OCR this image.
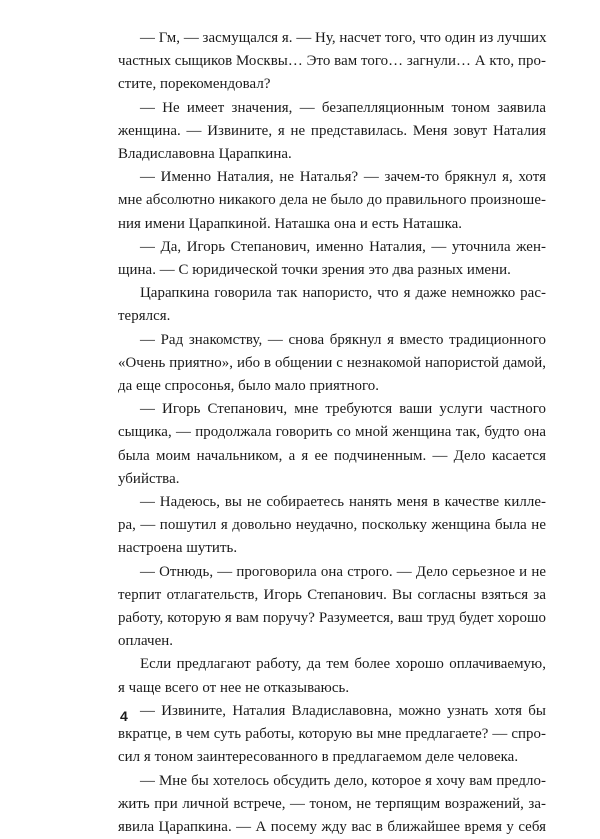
— Гм, — засмущался я. — Ну, насчет того, что один из лучших
частных сыщиков Москвы… Это вам того… загнули… А кто, про-
стите, порекомендовал?
— Не имеет значения, — безапелляционным тоном заявила
женщина. — Извините, я не представилась. Меня зовут Наталия
Владиславовна Царапкина.
— Именно Наталия, не Наталья? — зачем-то брякнул я, хотя
мне абсолютно никакого дела не было до правильного произноше-
ния имени Царапкиной. Наташка она и есть Наташка.
— Да, Игорь Степанович, именно Наталия, — уточнила жен-
щина. — С юридической точки зрения это два разных имени.
Царапкина говорила так напористо, что я даже немножко рас-
терялся.
— Рад знакомству, — снова брякнул я вместо традиционного
«Очень приятно», ибо в общении с незнакомой напористой дамой,
да еще спросонья, было мало приятного.
— Игорь Степанович, мне требуются ваши услуги частного
сыщика, — продолжала говорить со мной женщина так, будто она
была моим начальником, а я ее подчиненным. — Дело касается
убийства.
— Надеюсь, вы не собираетесь нанять меня в качестве килле-
ра, — пошутил я довольно неудачно, поскольку женщина была не
настроена шутить.
— Отнюдь, — проговорила она строго. — Дело серьезное и не
терпит отлагательств, Игорь Степанович. Вы согласны взяться за
работу, которую я вам поручу? Разумеется, ваш труд будет хорошо
оплачен.
Если предлагают работу, да тем более хорошо оплачиваемую,
я чаще всего от нее не отказываюсь.
— Извините, Наталия Владиславовна, можно узнать хотя бы
вкратце, в чем суть работы, которую вы мне предлагаете? — спро-
сил я тоном заинтересованного в предлагаемом деле человека.
— Мне бы хотелось обсудить дело, которое я хочу вам предло-
жить при личной встрече, — тоном, не терпящим возражений, за-
явила Царапкина. — А посему жду вас в ближайшее время у себя
4
